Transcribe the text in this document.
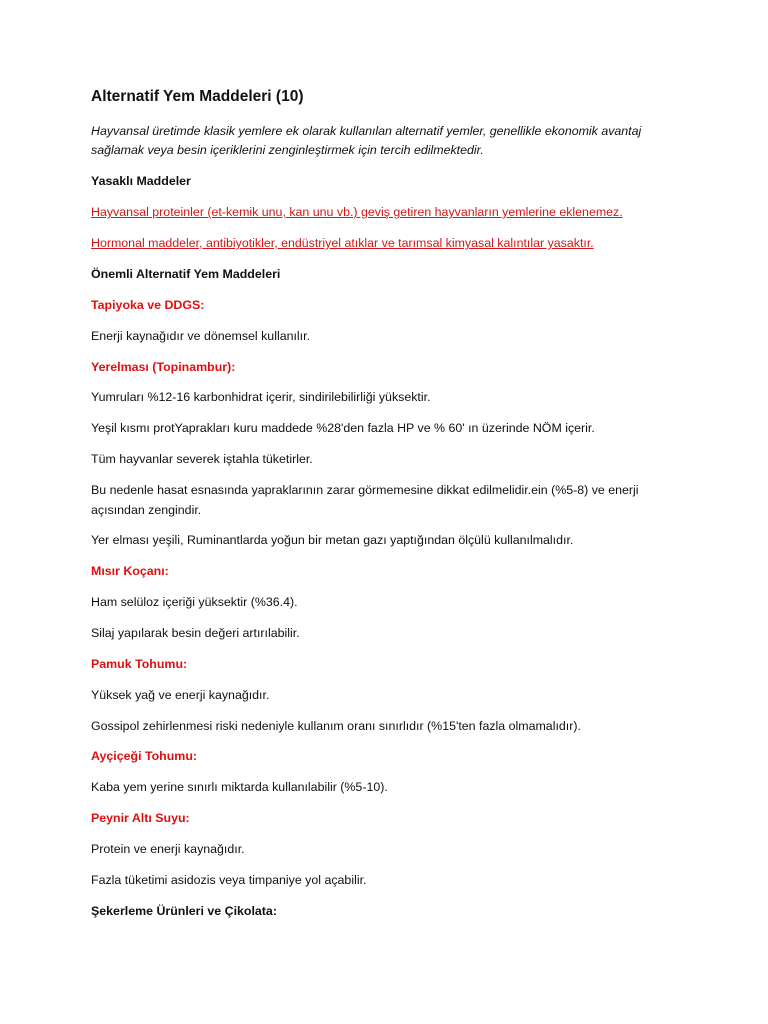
Alternatif Yem Maddeleri (10)
Hayvansal üretimde klasik yemlere ek olarak kullanılan alternatif yemler, genellikle ekonomik avantaj
sağlamak veya besin içeriklerini zenginleştirmek için tercih edilmektedir.
Yasaklı Maddeler
Hayvansal proteinler (et-kemik unu, kan unu vb.) geviş getiren hayvanların yemlerine eklenemez.
Hormonal maddeler, antibiyotikler, endüstriyel atıklar ve tarımsal kimyasal kalıntılar yasaktır.
Önemli Alternatif Yem Maddeleri
Tapiyoka ve DDGS:
Enerji kaynağıdır ve dönemsel kullanılır.
Yerelması (Topinambur):
Yumruları %12-16 karbonhidrat içerir, sindirilebilirliği yüksektir.
Yeşil kısmı protYaprakları kuru maddede %28'den fazla HP ve % 60' ın üzerinde NÖM içerir.
Tüm hayvanlar severek iştahla tüketirler.
Bu nedenle hasat esnasında yapraklarının zarar görmemesine dikkat edilmelidir.ein (%5-8) ve enerji açısından zengindir.
Yer elması yeşili, Ruminantlarda yoğun bir metan gazı yaptığından ölçülü kullanılmalıdır.
Mısır Koçanı:
Ham selüloz içeriği yüksektir (%36.4).
Silaj yapılarak besin değeri artırılabilir.
Pamuk Tohumu:
Yüksek yağ ve enerji kaynağıdır.
Gossipol zehirlenmesi riski nedeniyle kullanım oranı sınırlıdır (%15'ten fazla olmamalıdır).
Ayçiçeği Tohumu:
Kaba yem yerine sınırlı miktarda kullanılabilir (%5-10).
Peynir Altı Suyu:
Protein ve enerji kaynağıdır.
Fazla tüketimi asidozis veya timpaniye yol açabilir.
Şekerleme Ürünleri ve Çikolata:
